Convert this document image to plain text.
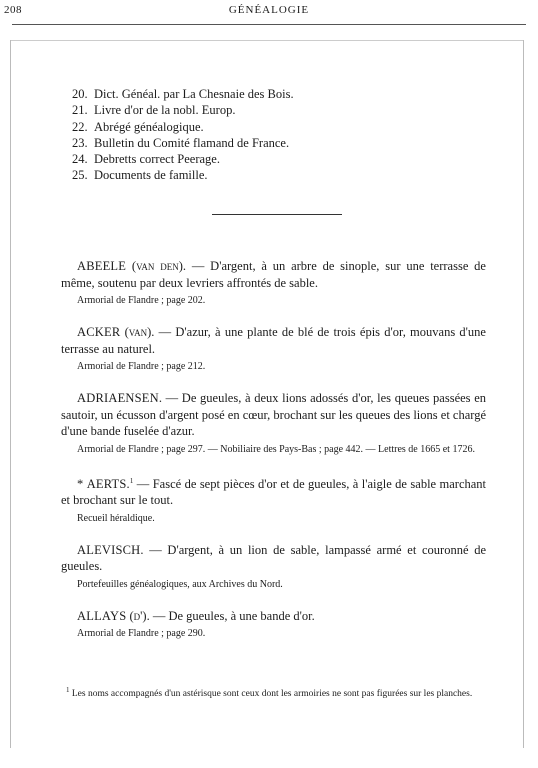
208	GÉNÉALOGIE
20. Dict. Généal. par La Chesnaie des Bois.
21. Livre d'or de la nobl. Europ.
22. Abrégé généalogique.
23. Bulletin du Comité flamand de France.
24. Debretts correct Peerage.
25. Documents de famille.

ABEELE (van den). — D'argent, à un arbre de sinople, sur une terrasse de même, soutenu par deux levriers affrontés de sable.

Armorial de Flandre ; page 202.

ACKER (van). — D'azur, à une plante de blé de trois épis d'or, mouvans d'une terrasse au naturel.

Armorial de Flandre ; page 212.

ADRIAENSEN. — De gueules, à deux lions adossés d'or, les queues passées en sautoir, un écusson d'argent posé en cœur, brochant sur les queues des lions et chargé d'une bande fuselée d'azur.

Armorial de Flandre ; page 297. — Nobiliaire des Pays-Bas ; page 442. — Lettres de 1665 et 1726.

* AERTS.$^1$ — Fascé de sept pièces d'or et de gueules, à l'aigle de sable marchant et brochant sur le tout.

Recueil héraldique.

ALEVISCH. — D'argent, à un lion de sable, lampassé armé et couronné de gueules.

Portefeuilles généalogiques, aux Archives du Nord.

ALLAYS (d'). — De gueules, à une bande d'or.

Armorial de Flandre ; page 290.

$^1$ Les noms accompagnés d'un astérisque sont ceux dont les armoiries ne sont pas figurées sur les planches.
